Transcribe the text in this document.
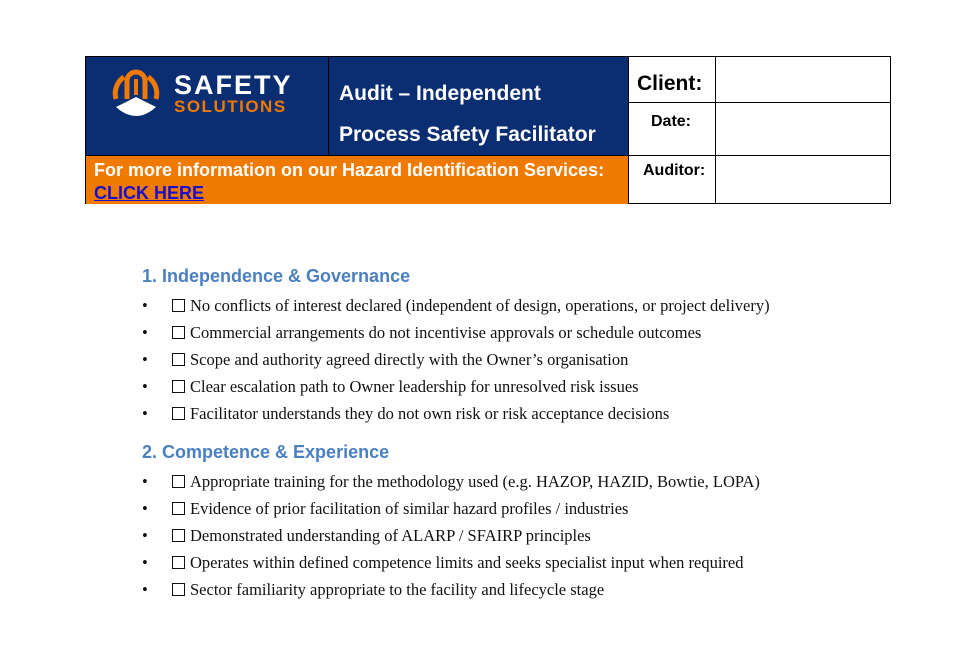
SAFETY
SOLUTIONS
Audit – Independent
Process Safety Facilitator
For more information on our Hazard Identification Services:
CLICK HERE
Client:
Date:
Auditor:
1. Independence & Governance
• No conflicts of interest declared (independent of design, operations, or project delivery)
• Commercial arrangements do not incentivise approvals or schedule outcomes
• Scope and authority agreed directly with the Owner’s organisation
• Clear escalation path to Owner leadership for unresolved risk issues
• Facilitator understands they do not own risk or risk acceptance decisions
2. Competence & Experience
• Appropriate training for the methodology used (e.g. HAZOP, HAZID, Bowtie, LOPA)
• Evidence of prior facilitation of similar hazard profiles / industries
• Demonstrated understanding of ALARP / SFAIRP principles
• Operates within defined competence limits and seeks specialist input when required
• Sector familiarity appropriate to the facility and lifecycle stage
